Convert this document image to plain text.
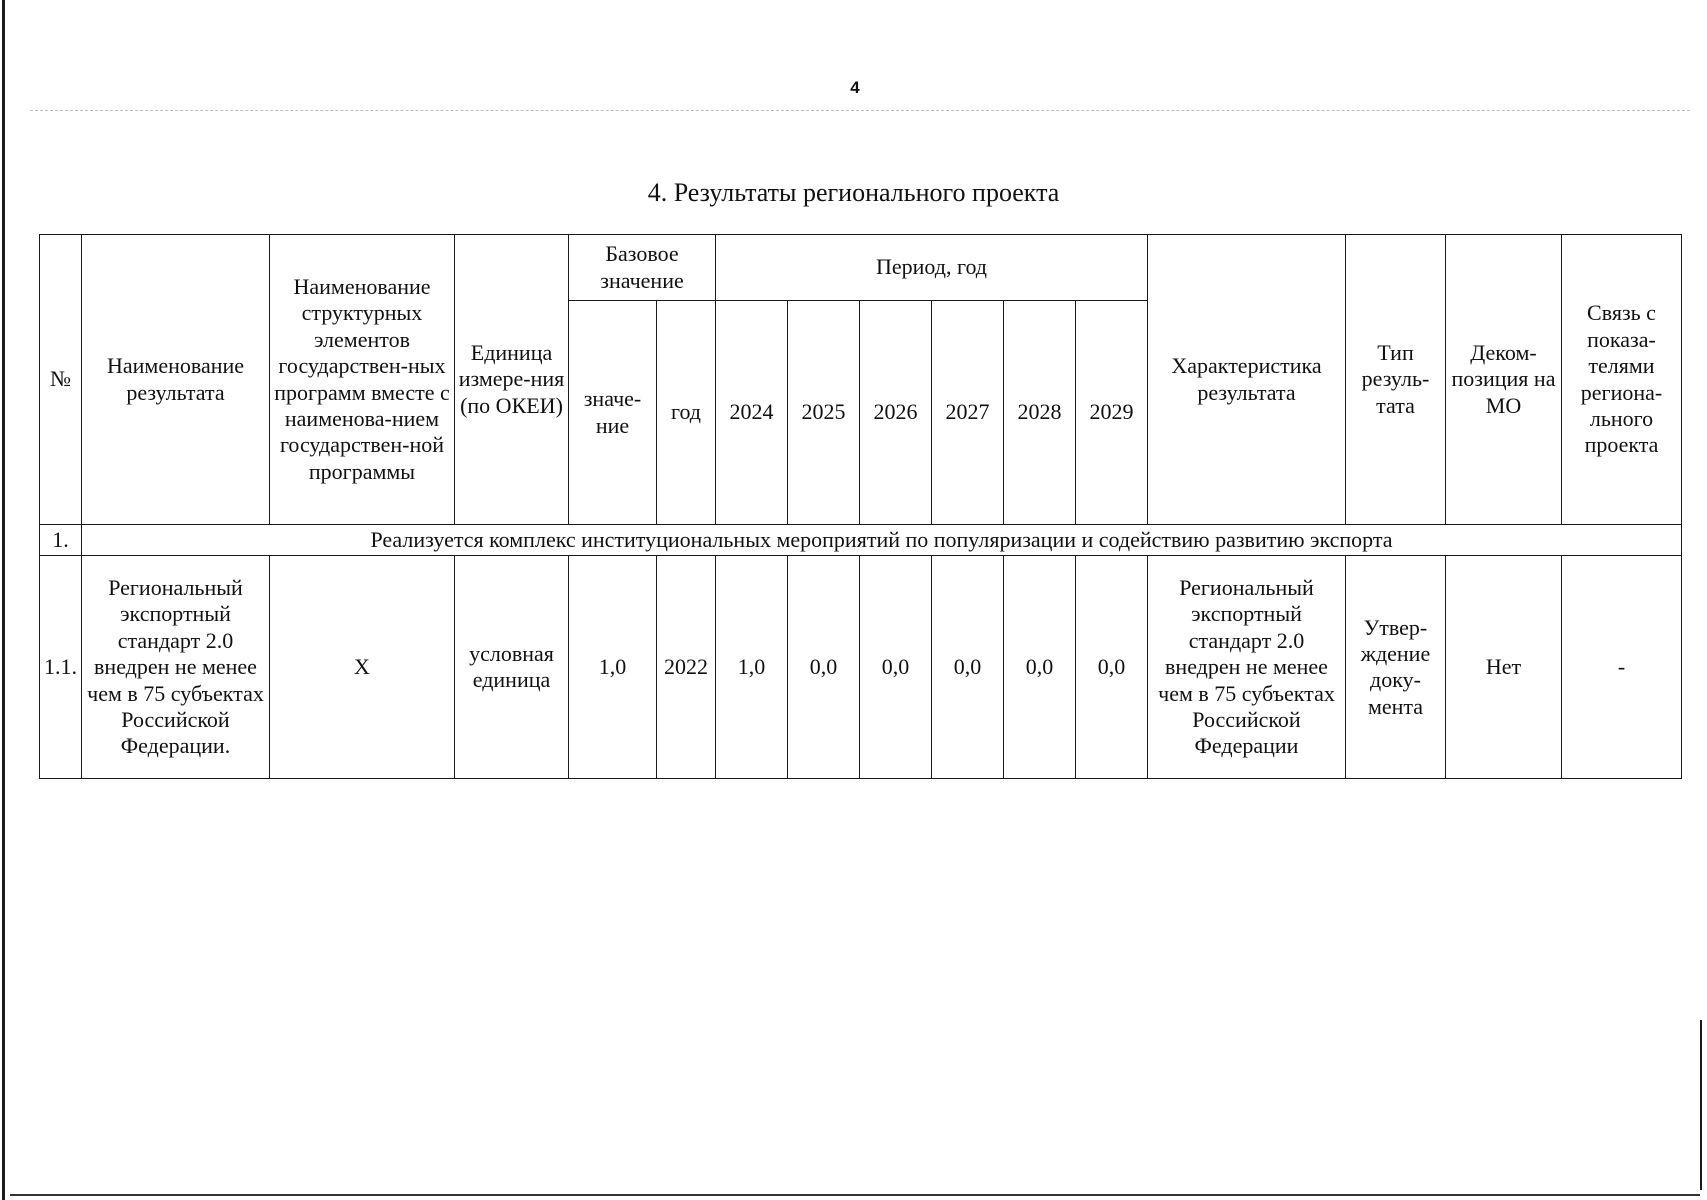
4
4. Результаты регионального проекта
№	Наименование результата	Наименование структурных элементов государствен-ных программ вместе с наименова-нием государствен-ной программы	Единица измере-ния (по ОКЕИ)	Базовое значение		Период, год						Характеристика результата	Тип резуль-тата	Деком-позиция на МО	Связь с показа-телями регионa-льного проекта
				значе-ние	год	2024	2025	2026	2027	2028	2029				
1.	Реализуется комплекс институциональных мероприятий по популяризации и содействию развитию экспорта														
1.1.	Региональный экспортный стандарт 2.0 внедрен не менее чем в 75 субъектах Российской Федерации.	X	условная единица	1,0	2022	1,0	0,0	0,0	0,0	0,0	0,0	Региональный экспортный стандарт 2.0 внедрен не менее чем в 75 субъектах Российской Федерации	Утвер-ждение доку-мента	Нет	-
